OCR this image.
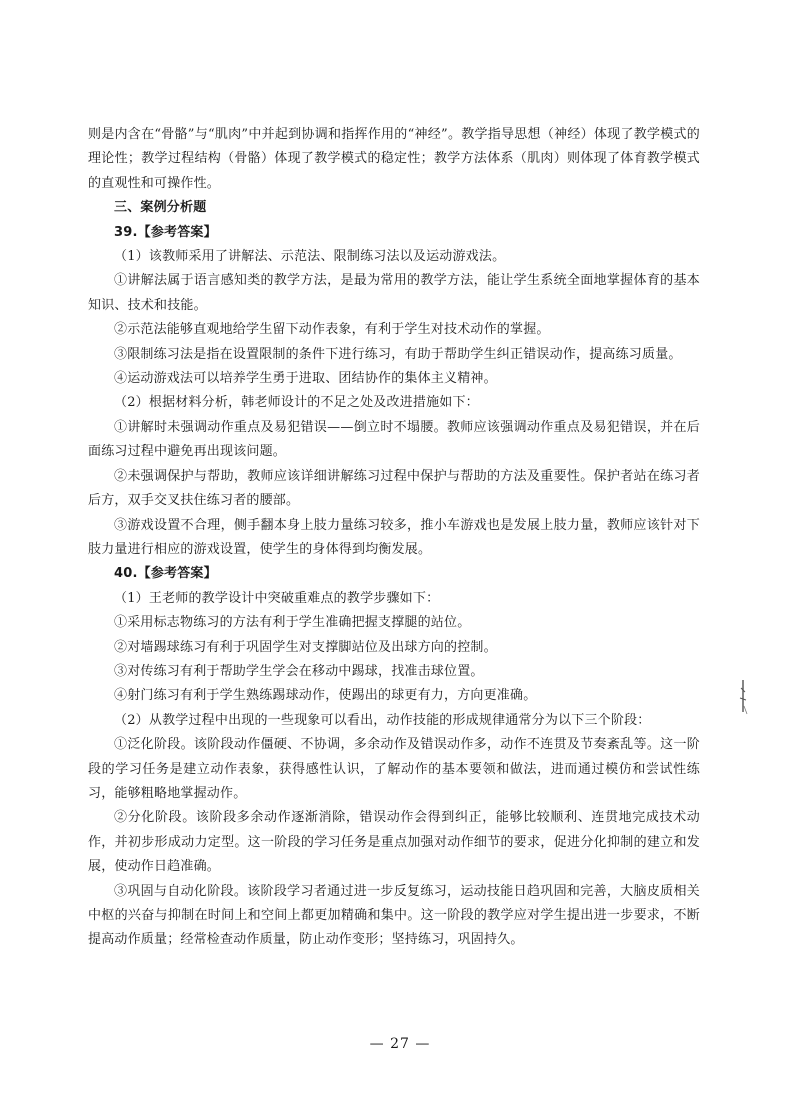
则是内含在“骨骼”与“肌肉”中并起到协调和指挥作用的“神经”。教学指导思想（神经）体现了教学模式的理论性；教学过程结构（骨骼）体现了教学模式的稳定性；教学方法体系（肌肉）则体现了体育教学模式的直观性和可操作性。

三、案例分析题

39.【参考答案】

（1）该教师采用了讲解法、示范法、限制练习法以及运动游戏法。

①讲解法属于语言感知类的教学方法，是最为常用的教学方法，能让学生系统全面地掌握体育的基本知识、技术和技能。

②示范法能够直观地给学生留下动作表象，有利于学生对技术动作的掌握。

③限制练习法是指在设置限制的条件下进行练习，有助于帮助学生纠正错误动作，提高练习质量。

④运动游戏法可以培养学生勇于进取、团结协作的集体主义精神。

（2）根据材料分析，韩老师设计的不足之处及改进措施如下：

①讲解时未强调动作重点及易犯错误——倒立时不塌腰。教师应该强调动作重点及易犯错误，并在后面练习过程中避免再出现该问题。

②未强调保护与帮助，教师应该详细讲解练习过程中保护与帮助的方法及重要性。保护者站在练习者后方，双手交叉扶住练习者的腰部。

③游戏设置不合理，侧手翻本身上肢力量练习较多，推小车游戏也是发展上肢力量，教师应该针对下肢力量进行相应的游戏设置，使学生的身体得到均衡发展。

40.【参考答案】

（1）王老师的教学设计中突破重难点的教学步骤如下：

①采用标志物练习的方法有利于学生准确把握支撑腿的站位。

②对墙踢球练习有利于巩固学生对支撑脚站位及出球方向的控制。

③对传练习有利于帮助学生学会在移动中踢球，找准击球位置。

④射门练习有利于学生熟练踢球动作，使踢出的球更有力，方向更准确。

（2）从教学过程中出现的一些现象可以看出，动作技能的形成规律通常分为以下三个阶段：

①泛化阶段。该阶段动作僵硬、不协调，多余动作及错误动作多，动作不连贯及节奏紊乱等。这一阶段的学习任务是建立动作表象，获得感性认识，了解动作的基本要领和做法，进而通过模仿和尝试性练习，能够粗略地掌握动作。

②分化阶段。该阶段多余动作逐渐消除，错误动作会得到纠正，能够比较顺利、连贯地完成技术动作，并初步形成动力定型。这一阶段的学习任务是重点加强对动作细节的要求，促进分化抑制的建立和发展，使动作日趋准确。

③巩固与自动化阶段。该阶段学习者通过进一步反复练习，运动技能日趋巩固和完善，大脑皮质相关中枢的兴奋与抑制在时间上和空间上都更加精确和集中。这一阶段的教学应对学生提出进一步要求，不断提高动作质量；经常检查动作质量，防止动作变形；坚持练习，巩固持久。

— 27 —
